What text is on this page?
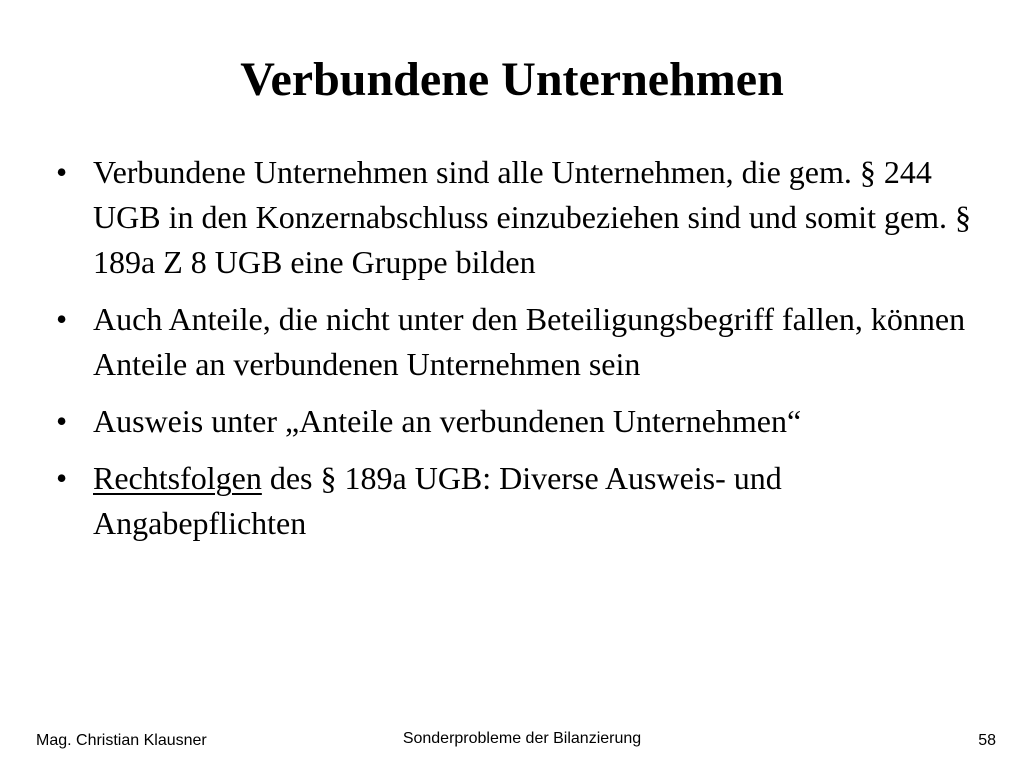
Verbundene Unternehmen
• Verbundene Unternehmen sind alle Unternehmen, die gem. § 244 UGB in den Konzernabschluss einzubeziehen sind und somit gem. § 189a Z 8 UGB eine Gruppe bilden
• Auch Anteile, die nicht unter den Beteiligungsbegriff fallen, können Anteile an verbundenen Unternehmen sein
• Ausweis unter „Anteile an verbundenen Unternehmen“
• Rechtsfolgen des § 189a UGB: Diverse Ausweis- und Angabepflichten
Mag. Christian Klausner	Sonderprobleme der Bilanzierung	58
